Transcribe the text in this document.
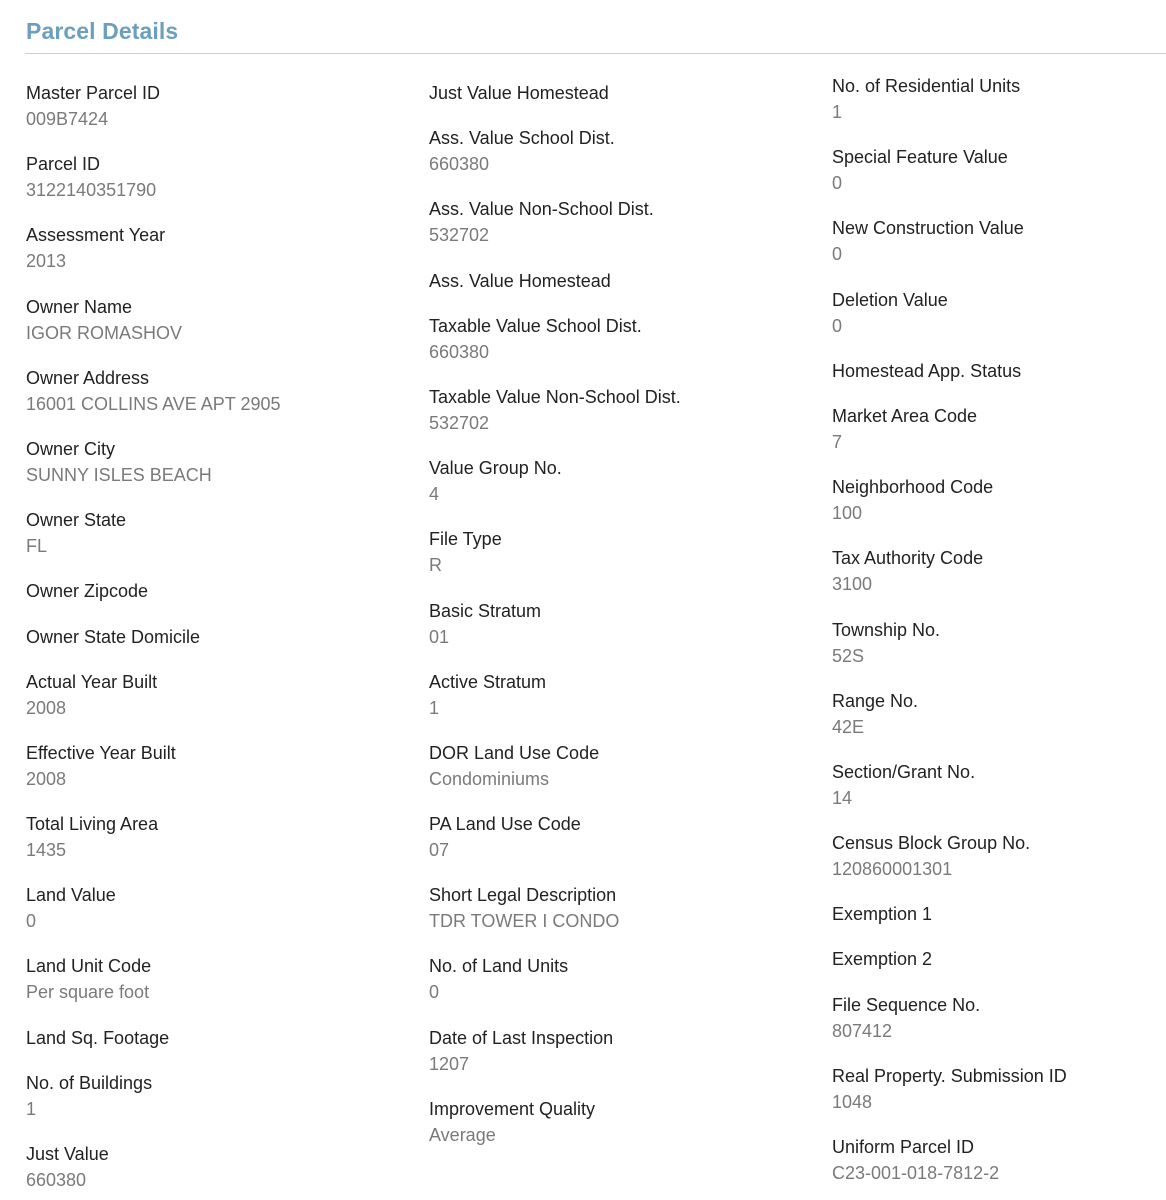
Parcel Details
Master Parcel ID
009B7424
Parcel ID
3122140351790
Assessment Year
2013
Owner Name
IGOR ROMASHOV
Owner Address
16001 COLLINS AVE APT 2905
Owner City
SUNNY ISLES BEACH
Owner State
FL
Owner Zipcode
Owner State Domicile
Actual Year Built
2008
Effective Year Built
2008
Total Living Area
1435
Land Value
0
Land Unit Code
Per square foot
Land Sq. Footage
No. of Buildings
1
Just Value
660380
Just Value Homestead
Ass. Value School Dist.
660380
Ass. Value Non-School Dist.
532702
Ass. Value Homestead
Taxable Value School Dist.
660380
Taxable Value Non-School Dist.
532702
Value Group No.
4
File Type
R
Basic Stratum
01
Active Stratum
1
DOR Land Use Code
Condominiums
PA Land Use Code
07
Short Legal Description
TDR TOWER I CONDO
No. of Land Units
0
Date of Last Inspection
1207
Improvement Quality
Average
No. of Residential Units
1
Special Feature Value
0
New Construction Value
0
Deletion Value
0
Homestead App. Status
Market Area Code
7
Neighborhood Code
100
Tax Authority Code
3100
Township No.
52S
Range No.
42E
Section/Grant No.
14
Census Block Group No.
120860001301
Exemption 1
Exemption 2
File Sequence No.
807412
Real Property. Submission ID
1048
Uniform Parcel ID
C23-001-018-7812-2
